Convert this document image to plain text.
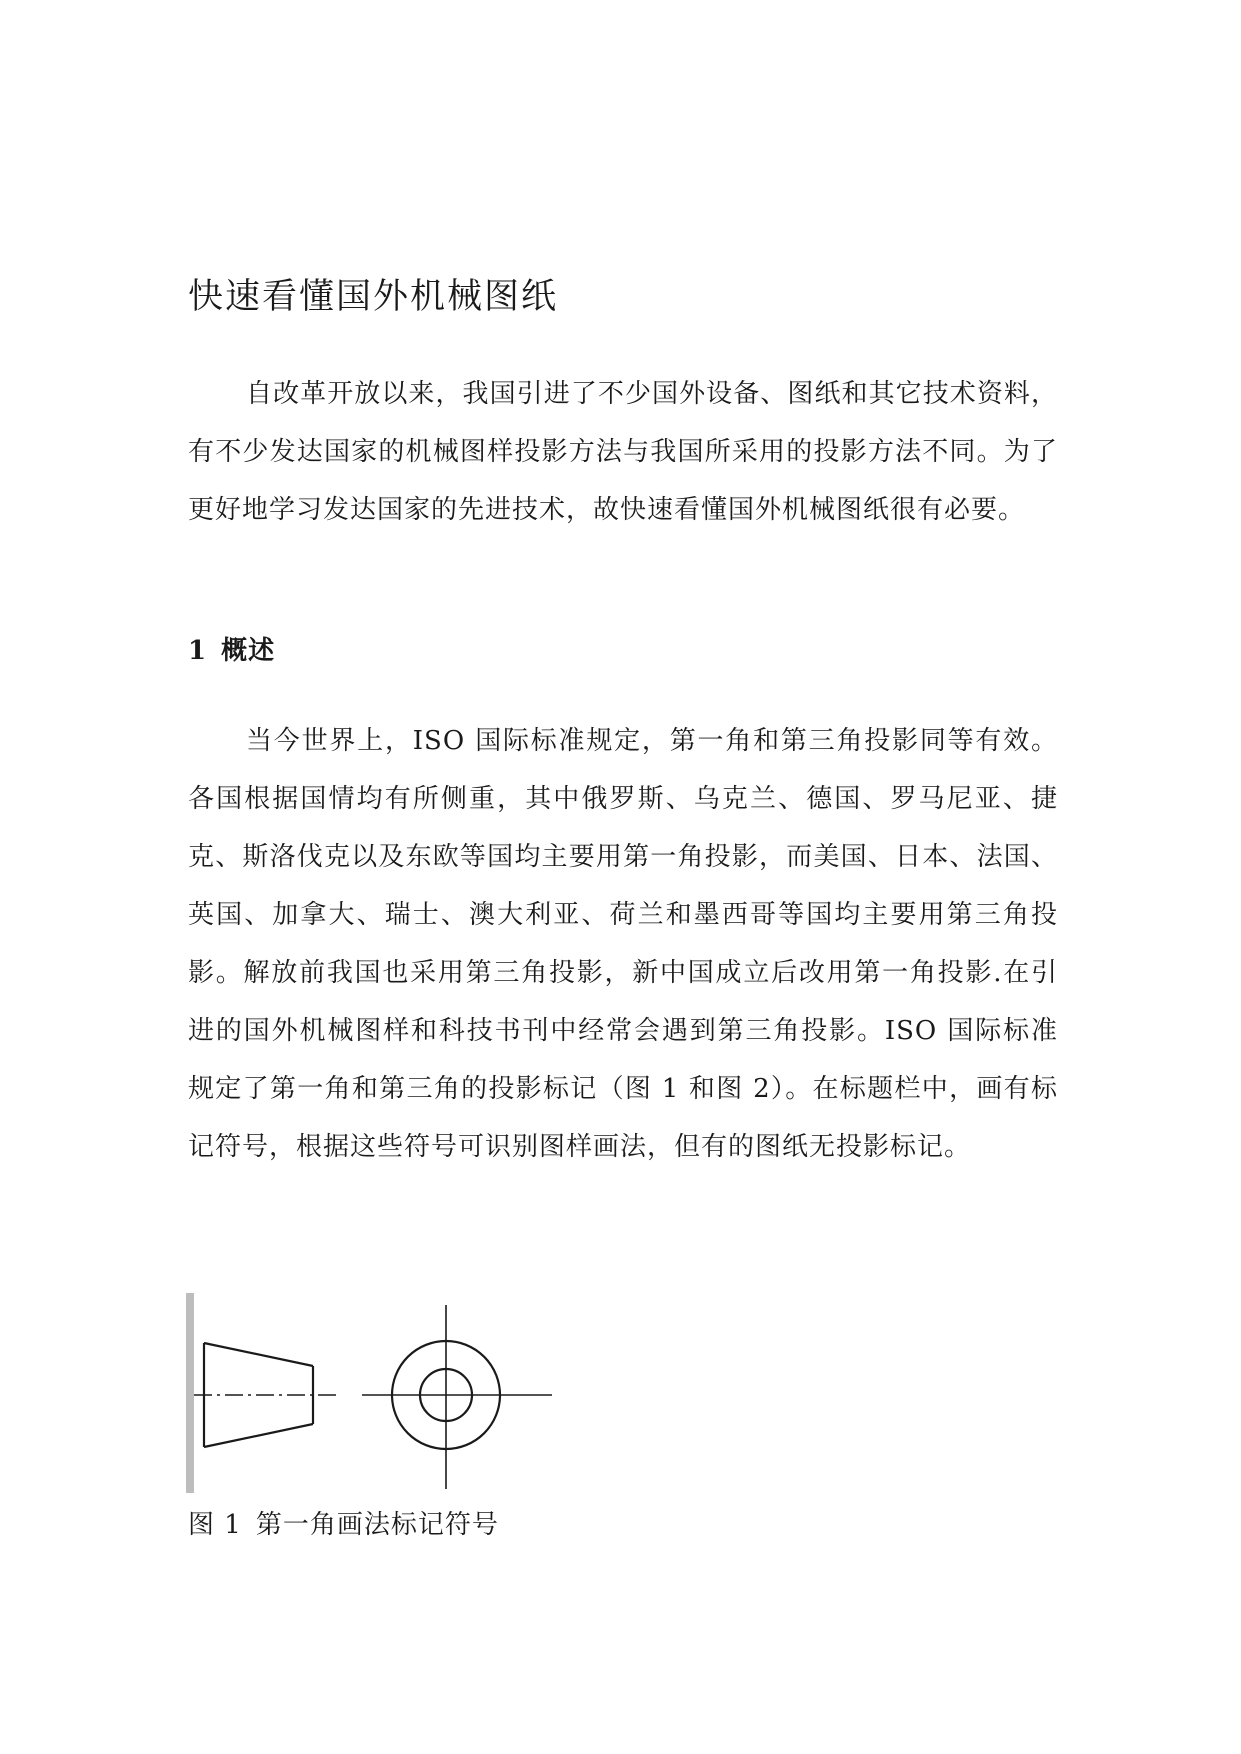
快速看懂国外机械图纸

自改革开放以来，我国引进了不少国外设备、图纸和其它技术资料，有不少发达国家的机械图样投影方法与我国所采用的投影方法不同。为了更好地学习发达国家的先进技术，故快速看懂国外机械图纸很有必要。

1 概述

当今世界上，ISO 国际标准规定，第一角和第三角投影同等有效。各国根据国情均有所侧重，其中俄罗斯、乌克兰、德国、罗马尼亚、捷克、斯洛伐克以及东欧等国均主要用第一角投影，而美国、日本、法国、英国、加拿大、瑞士、澳大利亚、荷兰和墨西哥等国均主要用第三角投影。解放前我国也采用第三角投影，新中国成立后改用第一角投影.在引进的国外机械图样和科技书刊中经常会遇到第三角投影。ISO 国际标准规定了第一角和第三角的投影标记（图 1 和图 2）。在标题栏中，画有标记符号，根据这些符号可识别图样画法，但有的图纸无投影标记。

图 1 第一角画法标记符号
